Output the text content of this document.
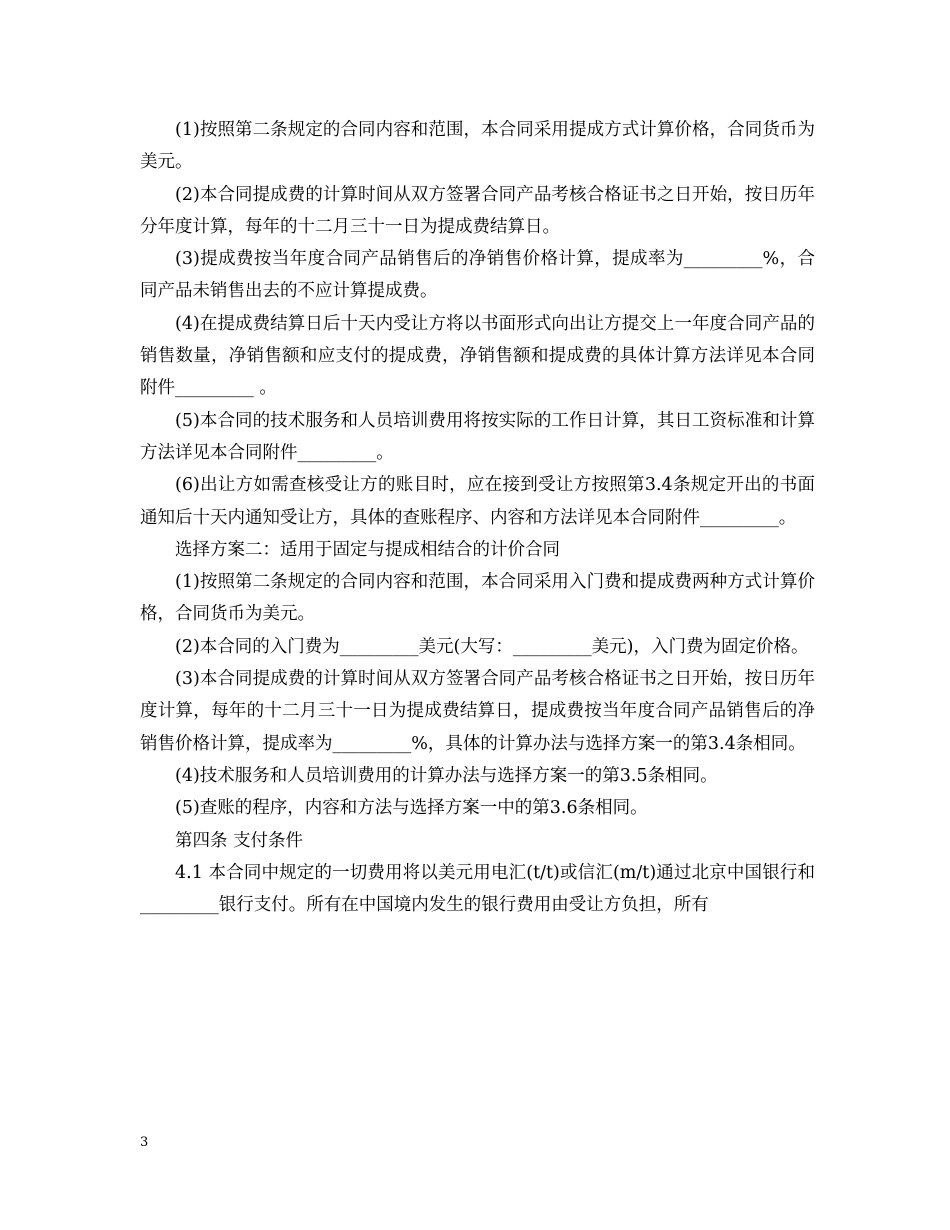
(1)按照第二条规定的合同内容和范围，本合同采用提成方式计算价格，合同货币为美元。

(2)本合同提成费的计算时间从双方签署合同产品考核合格证书之日开始，按日历年分年度计算，每年的十二月三十一日为提成费结算日。

(3)提成费按当年度合同产品销售后的净销售价格计算，提成率为_________%，合同产品未销售出去的不应计算提成费。

(4)在提成费结算日后十天内受让方将以书面形式向出让方提交上一年度合同产品的销售数量，净销售额和应支付的提成费，净销售额和提成费的具体计算方法详见本合同附件_________ 。

(5)本合同的技术服务和人员培训费用将按实际的工作日计算，其日工资标准和计算方法详见本合同附件_________。

(6)出让方如需查核受让方的账目时，应在接到受让方按照第3.4条规定开出的书面通知后十天内通知受让方，具体的查账程序、内容和方法详见本合同附件_________。

选择方案二：适用于固定与提成相结合的计价合同

(1)按照第二条规定的合同内容和范围，本合同采用入门费和提成费两种方式计算价格，合同货币为美元。

(2)本合同的入门费为_________美元(大写：_________美元)，入门费为固定价格。

(3)本合同提成费的计算时间从双方签署合同产品考核合格证书之日开始，按日历年度计算，每年的十二月三十一日为提成费结算日，提成费按当年度合同产品销售后的净销售价格计算，提成率为_________%，具体的计算办法与选择方案一的第3.4条相同。

(4)技术服务和人员培训费用的计算办法与选择方案一的第3.5条相同。

(5)查账的程序，内容和方法与选择方案一中的第3.6条相同。

第四条 支付条件

4.1 本合同中规定的一切费用将以美元用电汇(t/t)或信汇(m/t)通过北京中国银行和_________银行支付。所有在中国境内发生的银行费用由受让方负担，所有

3
